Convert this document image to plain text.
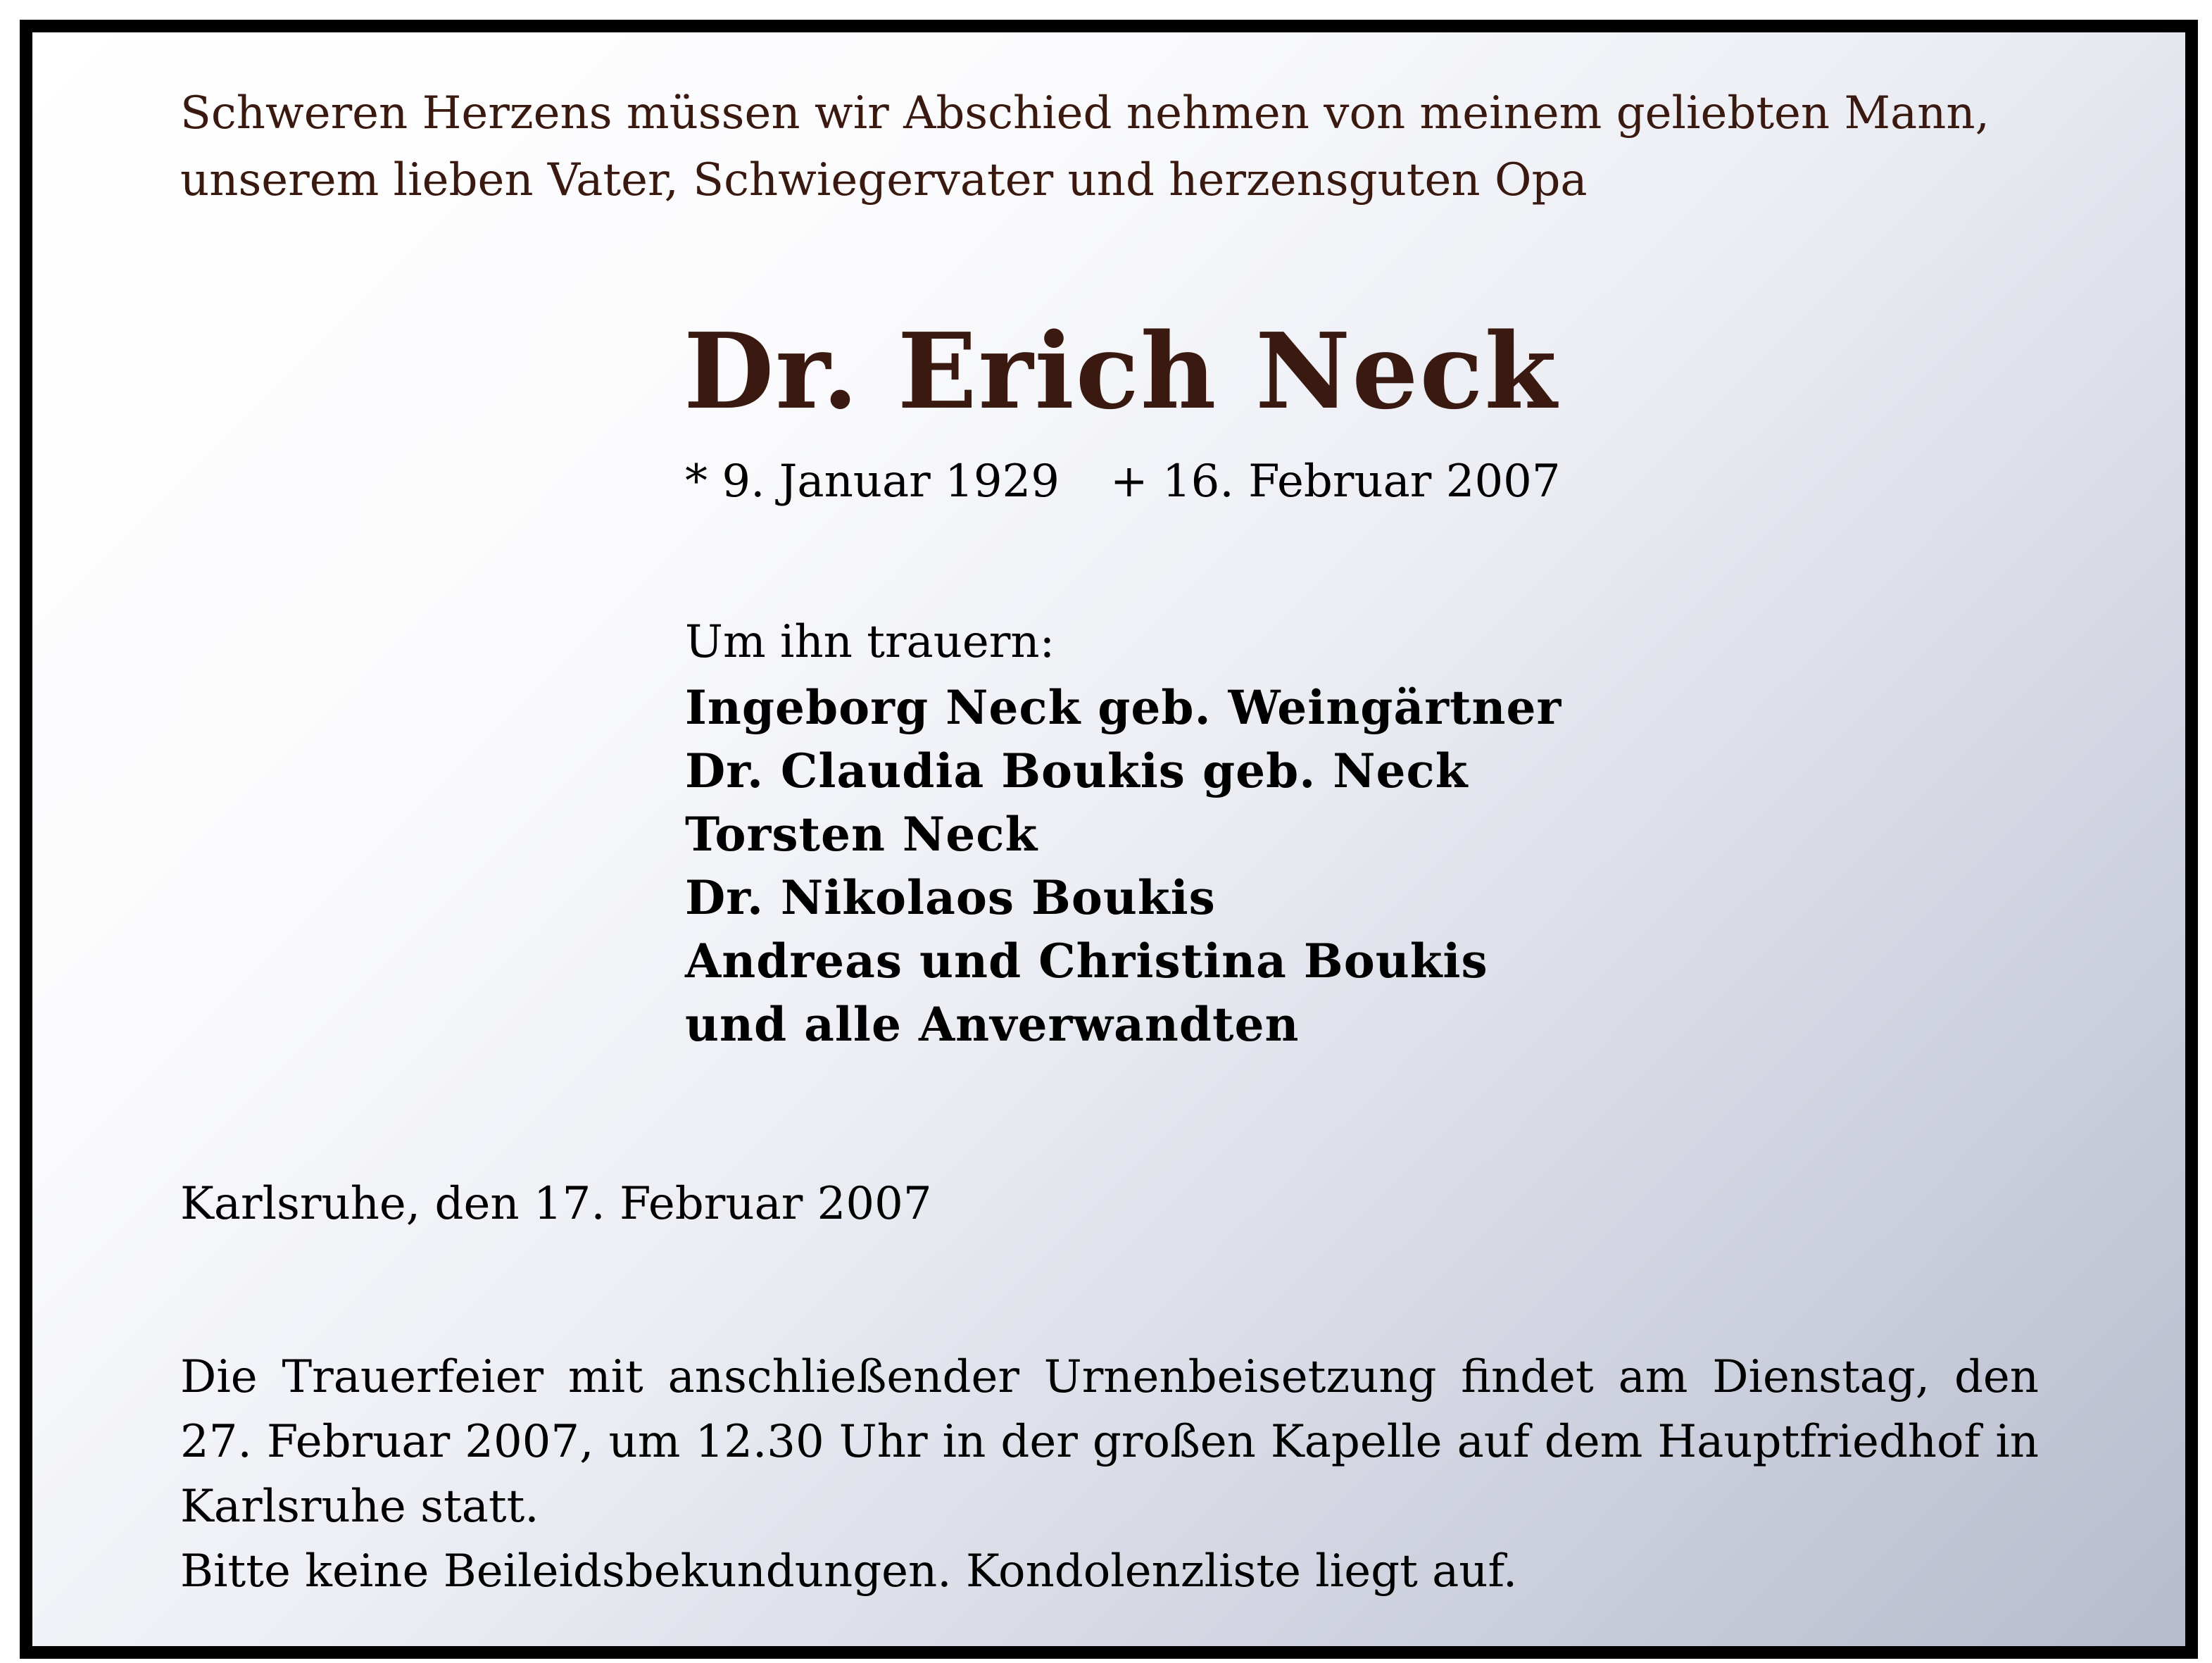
Schweren Herzens müssen wir Abschied nehmen von meinem geliebten Mann,
unserem lieben Vater, Schwiegervater und herzensguten Opa
Dr. Erich Neck
* 9. Januar 1929 + 16. Februar 2007
Um ihn trauern:
Ingeborg Neck geb. Weingärtner
Dr. Claudia Boukis geb. Neck
Torsten Neck
Dr. Nikolaos Boukis
Andreas und Christina Boukis
und alle Anverwandten
Karlsruhe, den 17. Februar 2007
Die Trauerfeier mit anschließender Urnenbeisetzung findet am Dienstag, den
27. Februar 2007, um 12.30 Uhr in der großen Kapelle auf dem Hauptfriedhof in
Karlsruhe statt.
Bitte keine Beileidsbekundungen. Kondolenzliste liegt auf.
